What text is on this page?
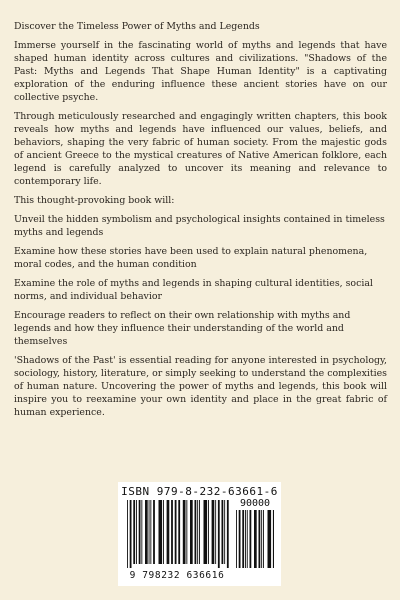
Discover the Timeless Power of Myths and Legends

Immerse yourself in the fascinating world of myths and legends that have shaped human identity across cultures and civilizations. "Shadows of the Past: Myths and Legends That Shape Human Identity" is a captivating exploration of the enduring influence these ancient stories have on our collective psyche.

Through meticulously researched and engagingly written chapters, this book reveals how myths and legends have influenced our values, beliefs, and behaviors, shaping the very fabric of human society. From the majestic gods of ancient Greece to the mystical creatures of Native American folklore, each legend is carefully analyzed to uncover its meaning and relevance to contemporary life.

This thought-provoking book will:

Unveil the hidden symbolism and psychological insights contained in timeless myths and legends

Examine how these stories have been used to explain natural phenomena, moral codes, and the human condition

Examine the role of myths and legends in shaping cultural identities, social norms, and individual behavior

Encourage readers to reflect on their own relationship with myths and legends and how they influence their understanding of the world and themselves

'Shadows of the Past' is essential reading for anyone interested in psychology, sociology, history, literature, or simply seeking to understand the complexities of human nature. Uncovering the power of myths and legends, this book will inspire you to reexamine your own identity and place in the great fabric of human experience.

ISBN 979-8-232-63661-6
90000
9 798232 636616
